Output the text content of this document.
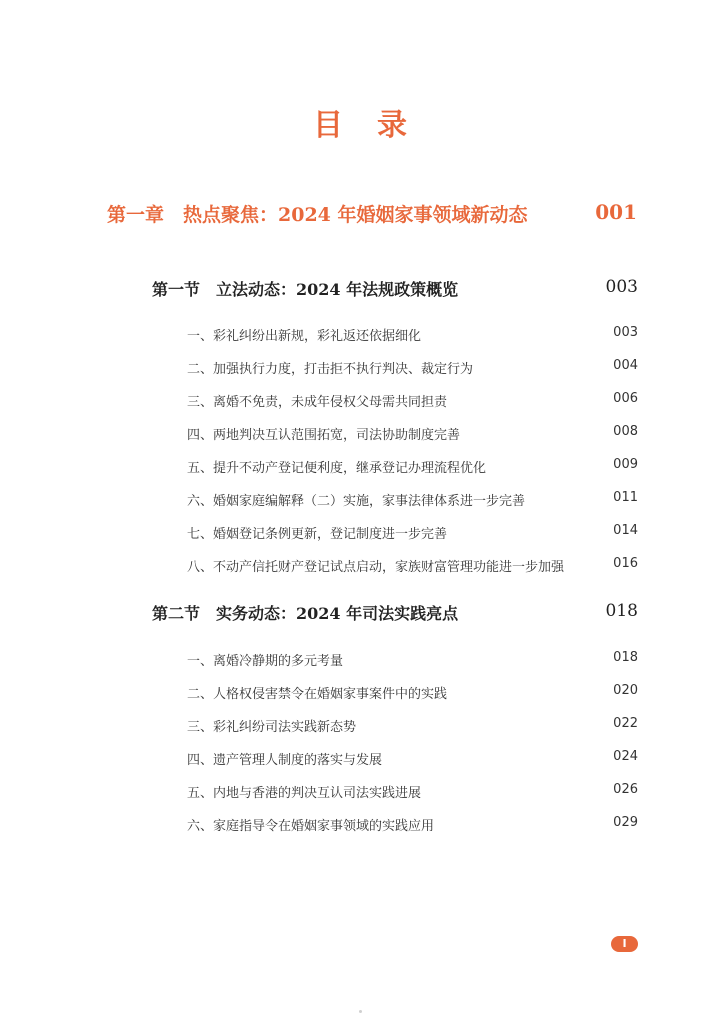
目　录
第一章　热点聚焦：2024 年婚姻家事领域新动态	001
第一节　立法动态：2024 年法规政策概览	003
一、彩礼纠纷出新规，彩礼返还依据细化	003
二、加强执行力度，打击拒不执行判决、裁定行为	004
三、离婚不免责，未成年侵权父母需共同担责	006
四、两地判决互认范围拓宽，司法协助制度完善	008
五、提升不动产登记便利度，继承登记办理流程优化	009
六、婚姻家庭编解释（二）实施，家事法律体系进一步完善	011
七、婚姻登记条例更新，登记制度进一步完善	014
八、不动产信托财产登记试点启动，家族财富管理功能进一步加强	016
第二节　实务动态：2024 年司法实践亮点	018
一、离婚冷静期的多元考量	018
二、人格权侵害禁令在婚姻家事案件中的实践	020
三、彩礼纠纷司法实践新态势	022
四、遗产管理人制度的落实与发展	024
五、内地与香港的判决互认司法实践进展	026
六、家庭指导令在婚姻家事领域的实践应用	029
I
